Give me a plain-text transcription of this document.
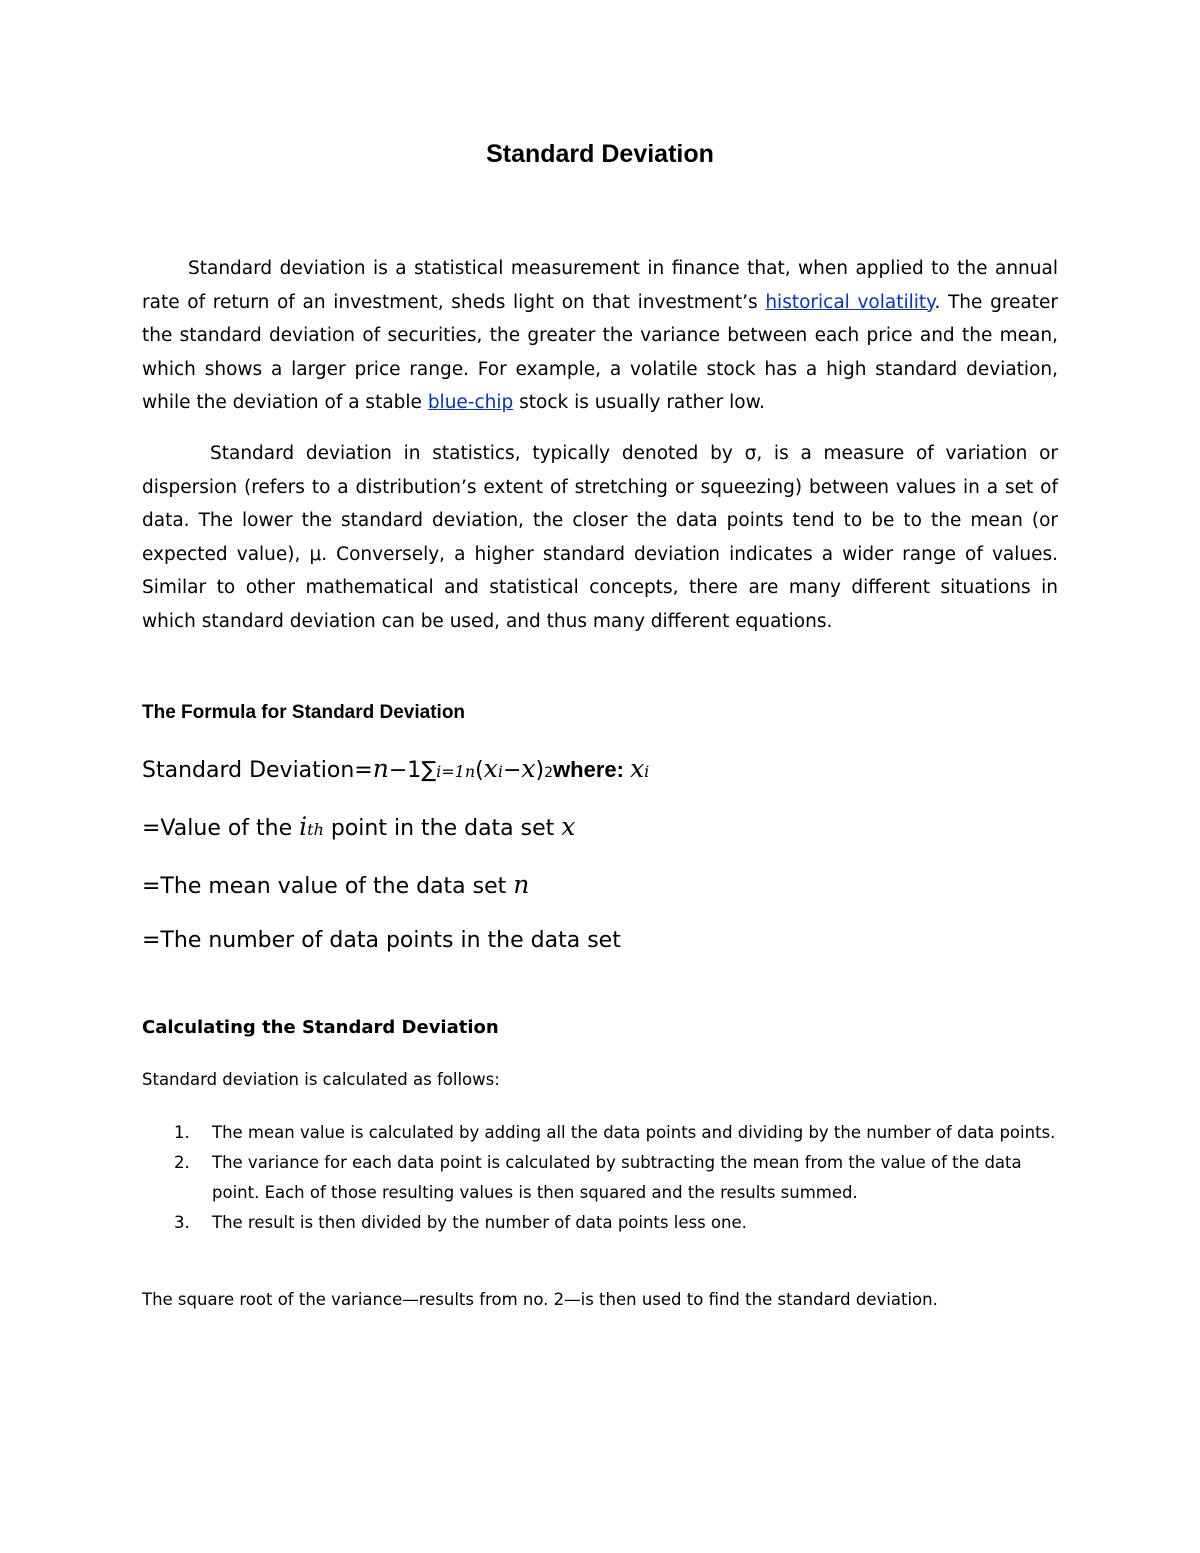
Standard Deviation

Standard deviation is a statistical measurement in finance that, when applied to the annual rate of return of an investment, sheds light on that investment’s historical volatility. The greater the standard deviation of securities, the greater the variance between each price and the mean, which shows a larger price range. For example, a volatile stock has a high standard deviation, while the deviation of a stable blue-chip stock is usually rather low.

Standard deviation in statistics, typically denoted by σ, is a measure of variation or dispersion (refers to a distribution’s extent of stretching or squeezing) between values in a set of data. The lower the standard deviation, the closer the data points tend to be to the mean (or expected value), μ. Conversely, a higher standard deviation indicates a wider range of values. Similar to other mathematical and statistical concepts, there are many different situations in which standard deviation can be used, and thus many different equations.

The Formula for Standard Deviation
Standard Deviation=n−1∑i=1n(xi−x)2where: xi
=Value of the ith point in the data set x
=The mean value of the data set n
=The number of data points in the data set
Calculating the Standard Deviation
Standard deviation is calculated as follows:
1. The mean value is calculated by adding all the data points and dividing by the number of data points.
2. The variance for each data point is calculated by subtracting the mean from the value of the data point. Each of those resulting values is then squared and the results summed.
3. The result is then divided by the number of data points less one.
The square root of the variance—results from no. 2—is then used to find the standard deviation.
